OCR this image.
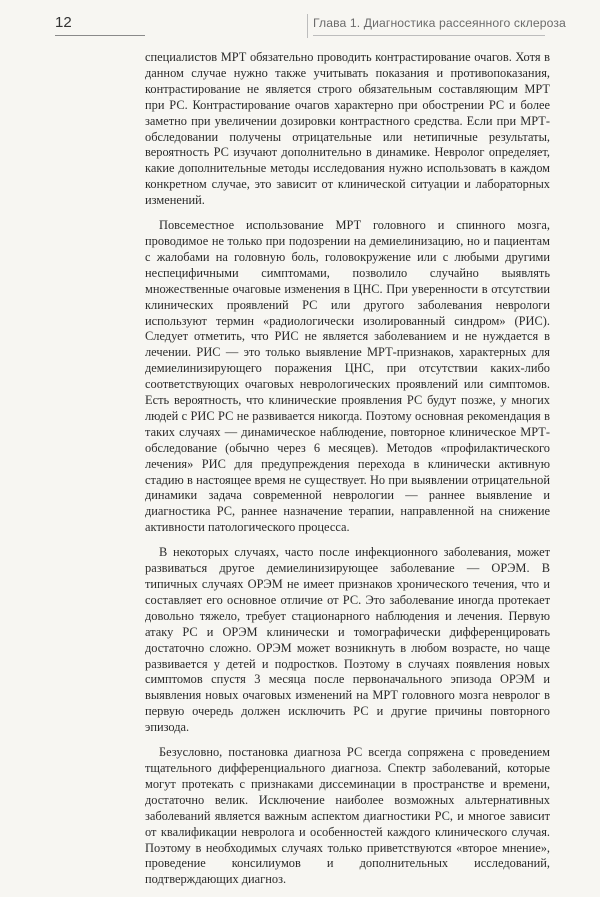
12	Глава 1. Диагностика рассеянного склероза

специалистов МРТ обязательно проводить контрастирование очагов. Хотя в данном случае нужно также учитывать показания и противопоказания, контрастирование не является строго обязательным составляющим МРТ при РС. Контрастирование очагов характерно при обострении РС и более заметно при увеличении дозировки контрастного средства. Если при МРТ-обследовании получены отрицательные или нетипичные результаты, вероятность РС изучают дополнительно в динамике. Невролог определяет, какие дополнительные методы исследования нужно использовать в каждом конкретном случае, это зависит от клинической ситуации и лабораторных изменений.

Повсеместное использование МРТ головного и спинного мозга, проводимое не только при подозрении на демиелинизацию, но и пациентам с жалобами на головную боль, головокружение или с любыми другими неспецифичными симптомами, позволило случайно выявлять множественные очаговые изменения в ЦНС. При уверенности в отсутствии клинических проявлений РС или другого заболевания неврологи используют термин «радиологически изолированный синдром» (РИС). Следует отметить, что РИС не является заболеванием и не нуждается в лечении. РИС — это только выявление МРТ-признаков, характерных для демиелинизирующего поражения ЦНС, при отсутствии каких-либо соответствующих очаговых неврологических проявлений или симптомов. Есть вероятность, что клинические проявления РС будут позже, у многих людей с РИС РС не развивается никогда. Поэтому основная рекомендация в таких случаях — динамическое наблюдение, повторное клиническое МРТ-обследование (обычно через 6 месяцев). Методов «профилактического лечения» РИС для предупреждения перехода в клинически активную стадию в настоящее время не существует. Но при выявлении отрицательной динамики задача современной неврологии — раннее выявление и диагностика РС, раннее назначение терапии, направленной на снижение активности патологического процесса.

В некоторых случаях, часто после инфекционного заболевания, может развиваться другое демиелинизирующее заболевание — ОРЭМ. В типичных случаях ОРЭМ не имеет признаков хронического течения, что и составляет его основное отличие от РС. Это заболевание иногда протекает довольно тяжело, требует стационарного наблюдения и лечения. Первую атаку РС и ОРЭМ клинически и томографически дифференцировать достаточно сложно. ОРЭМ может возникнуть в любом возрасте, но чаще развивается у детей и подростков. Поэтому в случаях появления новых симптомов спустя 3 месяца после первоначального эпизода ОРЭМ и выявления новых очаговых изменений на МРТ головного мозга невролог в первую очередь должен исключить РС и другие причины повторного эпизода.

Безусловно, постановка диагноза РС всегда сопряжена с проведением тщательного дифференциального диагноза. Спектр заболеваний, которые могут протекать с признаками диссеминации в пространстве и времени, достаточно велик. Исключение наиболее возможных альтернативных заболеваний является важным аспектом диагностики РС, и многое зависит от квалификации невролога и особенностей каждого клинического случая. Поэтому в необходимых случаях только приветствуются «второе мнение», проведение консилиумов и дополнительных исследований, подтверждающих диагноз.
